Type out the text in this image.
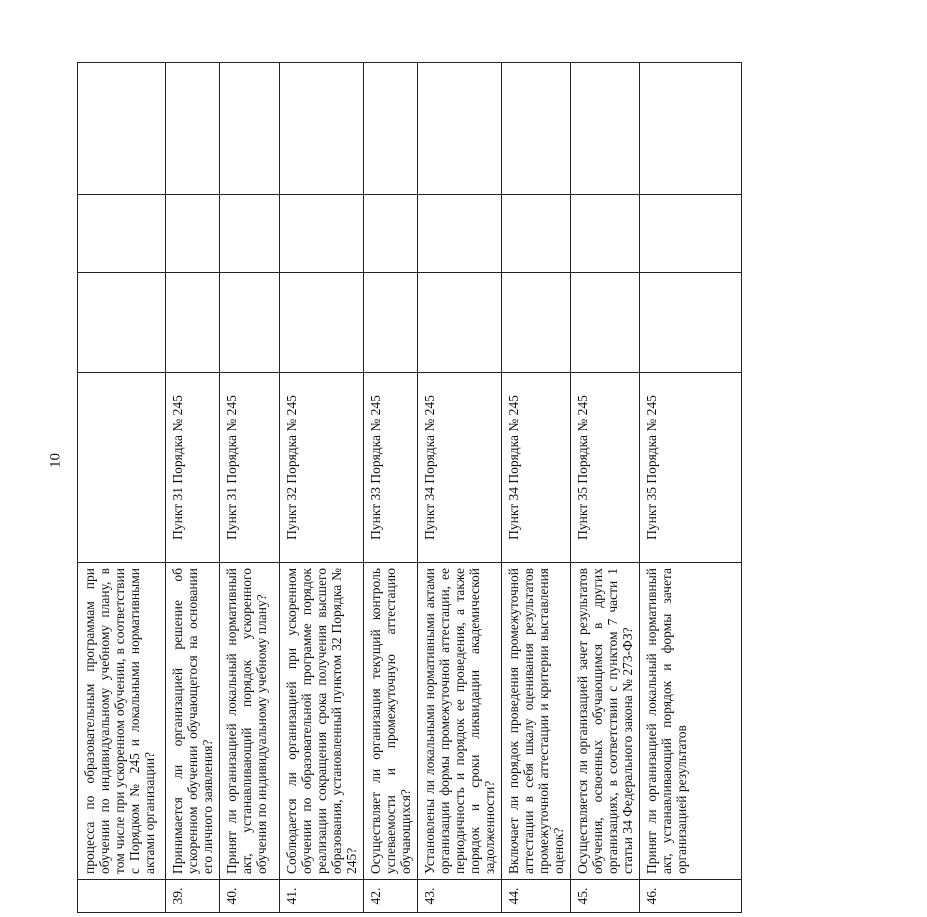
10
	процесса по образовательным программам при обучении по индивидуальному учебному плану, в том числе при ускоренном обучении, в соответствии с Порядком № 245 и локальными нормативными актами организации?				
39.	Принимается ли организацией решение об ускоренном обучении обучающегося на основании его личного заявления?	Пункт 31 Порядка № 245			
40.	Принят ли организацией локальный нормативный акт, устанавливающий порядок ускоренного обучения по индивидуальному учебному плану?	Пункт 31 Порядка № 245			
41.	Соблюдается ли организацией при ускоренном обучении по образовательной программе порядок реализации сокращения срока получения высшего образования, установленный пунктом 32 Порядка № 245?	Пункт 32 Порядка № 245			
42.	Осуществляет ли организация текущий контроль успеваемости и промежуточную аттестацию обучающихся?	Пункт 33 Порядка № 245			
43.	Установлены ли локальными нормативными актами организации формы промежуточной аттестации, ее периодичность и порядок ее проведения, а также порядок и сроки ликвидации академической задолженности?	Пункт 34 Порядка № 245			
44.	Включает ли порядок проведения промежуточной аттестации в себя шкалу оценивания результатов промежуточной аттестации и критерии выставления оценок?	Пункт 34 Порядка № 245			
45.	Осуществляется ли организацией зачет результатов обучения, освоенных обучающимся в других организациях, в соответствии с пунктом 7 части 1 статьи 34 Федерального закона № 273-ФЗ?	Пункт 35 Порядка № 245			
46.	Принят ли организацией локальный нормативный акт, устанавливающий порядок и формы зачета организацией результатов	Пункт 35 Порядка № 245			
